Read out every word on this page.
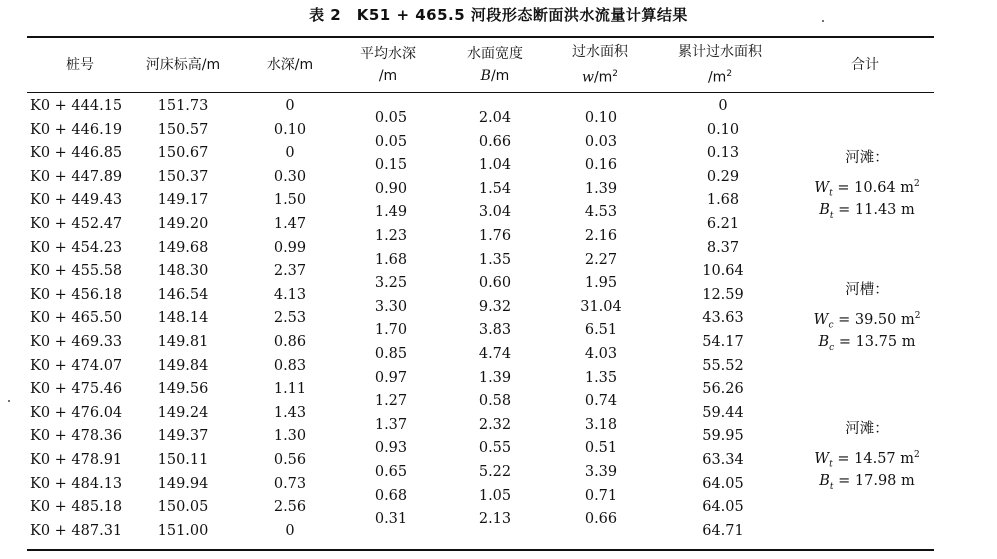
表 2　K51 + 465.5 河段形态断面洪水流量计算结果
桩号	河床标高/m	水深/m
平均水深
/m
水面宽度
B/m
过水面积
$w/m^2$
累计过水面积
$/m^2$
合计
K0 + 444.15
K0 + 446.19
K0 + 446.85
K0 + 447.89
K0 + 449.43
K0 + 452.47
K0 + 454.23
K0 + 455.58
K0 + 456.18
K0 + 465.50
K0 + 469.33
K0 + 474.07
K0 + 475.46
K0 + 476.04
K0 + 478.36
K0 + 478.91
K0 + 484.13
K0 + 485.18
K0 + 487.31
151.73
150.57
150.67
150.37
149.17
149.20
149.68
148.30
146.54
148.14
149.81
149.84
149.56
149.24
149.37
150.11
149.94
150.05
151.00
0
0.10
0
0.30
1.50
1.47
0.99
2.37
4.13
2.53
0.86
0.83
1.11
1.43
1.30
0.56
0.73
2.56
0
0.05
0.05
0.15
0.90
1.49
1.23
1.68
3.25
3.30
1.70
0.85
0.97
1.27
1.37
0.93
0.65
0.68
0.31
2.04
0.66
1.04
1.54
3.04
1.76
1.35
0.60
9.32
3.83
4.74
1.39
0.58
2.32
0.55
5.22
1.05
2.13
0.10
0.03
0.16
1.39
4.53
2.16
2.27
1.95
31.04
6.51
4.03
1.35
0.74
3.18
0.51
3.39
0.71
0.66
0
0.10
0.13
0.29
1.68
6.21
8.37
10.64
12.59
43.63
54.17
55.52
56.26
59.44
59.95
63.34
64.05
64.05
64.71
河滩：
$W_t = 10.64$ $m^2$
$B_t = 11.43$ m
河槽：
$W_c = 39.50$ $m^2$
$B_c = 13.75$ m
河滩：
$W_t = 14.57$ $m^2$
$B_t = 17.98$ m
